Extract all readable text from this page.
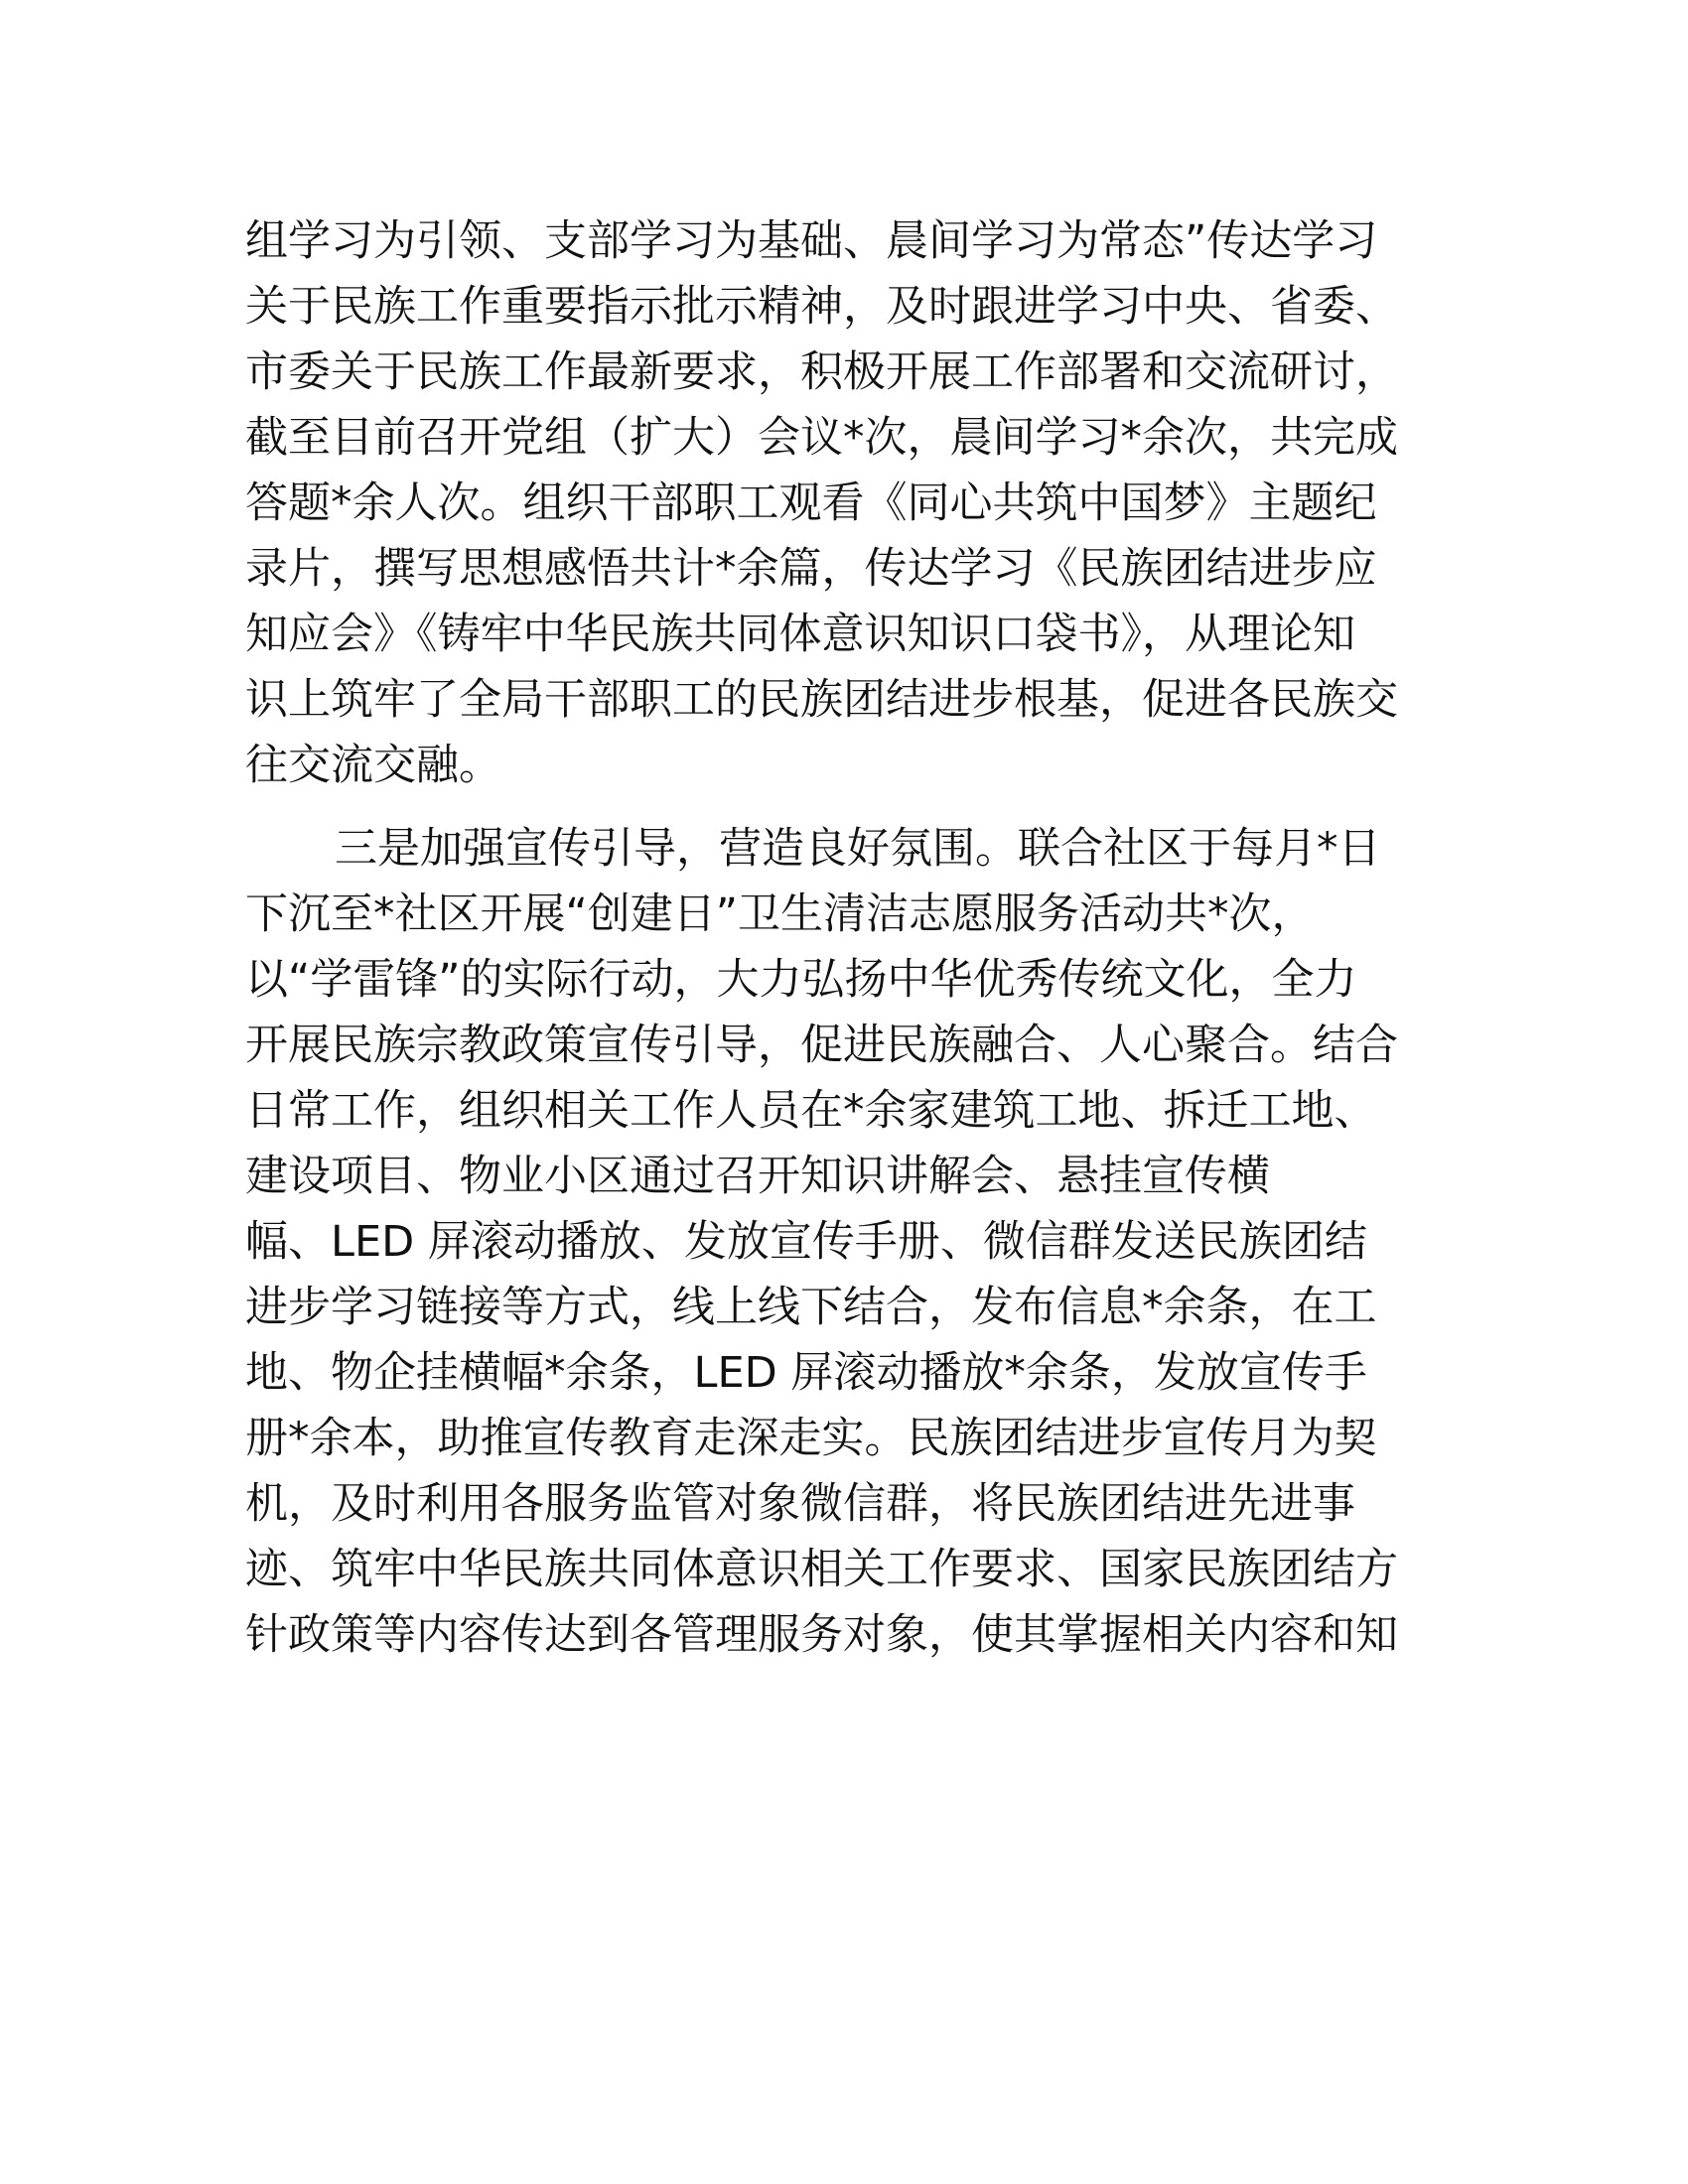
组学习为引领、支部学习为基础、晨间学习为常态”传达学习
关于民族工作重要指示批示精神，及时跟进学习中央、省委、
市委关于民族工作最新要求，积极开展工作部署和交流研讨，
截至目前召开党组（扩大）会议*次，晨间学习*余次，共完成
答题*余人次。组织干部职工观看《同心共筑中国梦》主题纪
录片，撰写思想感悟共计*余篇，传达学习《民族团结进步应
知应会》《铸牢中华民族共同体意识知识口袋书》，从理论知
识上筑牢了全局干部职工的民族团结进步根基，促进各民族交
往交流交融。
三是加强宣传引导，营造良好氛围。联合社区于每月*日
下沉至*社区开展“创建日”卫生清洁志愿服务活动共*次，
以“学雷锋”的实际行动，大力弘扬中华优秀传统文化，全力
开展民族宗教政策宣传引导，促进民族融合、人心聚合。结合
日常工作，组织相关工作人员在*余家建筑工地、拆迁工地、
建设项目、物业小区通过召开知识讲解会、悬挂宣传横
幅、LED 屏滚动播放、发放宣传手册、微信群发送民族团结
进步学习链接等方式，线上线下结合，发布信息*余条，在工
地、物企挂横幅*余条，LED 屏滚动播放*余条，发放宣传手
册*余本，助推宣传教育走深走实。民族团结进步宣传月为契
机，及时利用各服务监管对象微信群，将民族团结进先进事
迹、筑牢中华民族共同体意识相关工作要求、国家民族团结方
针政策等内容传达到各管理服务对象，使其掌握相关内容和知
